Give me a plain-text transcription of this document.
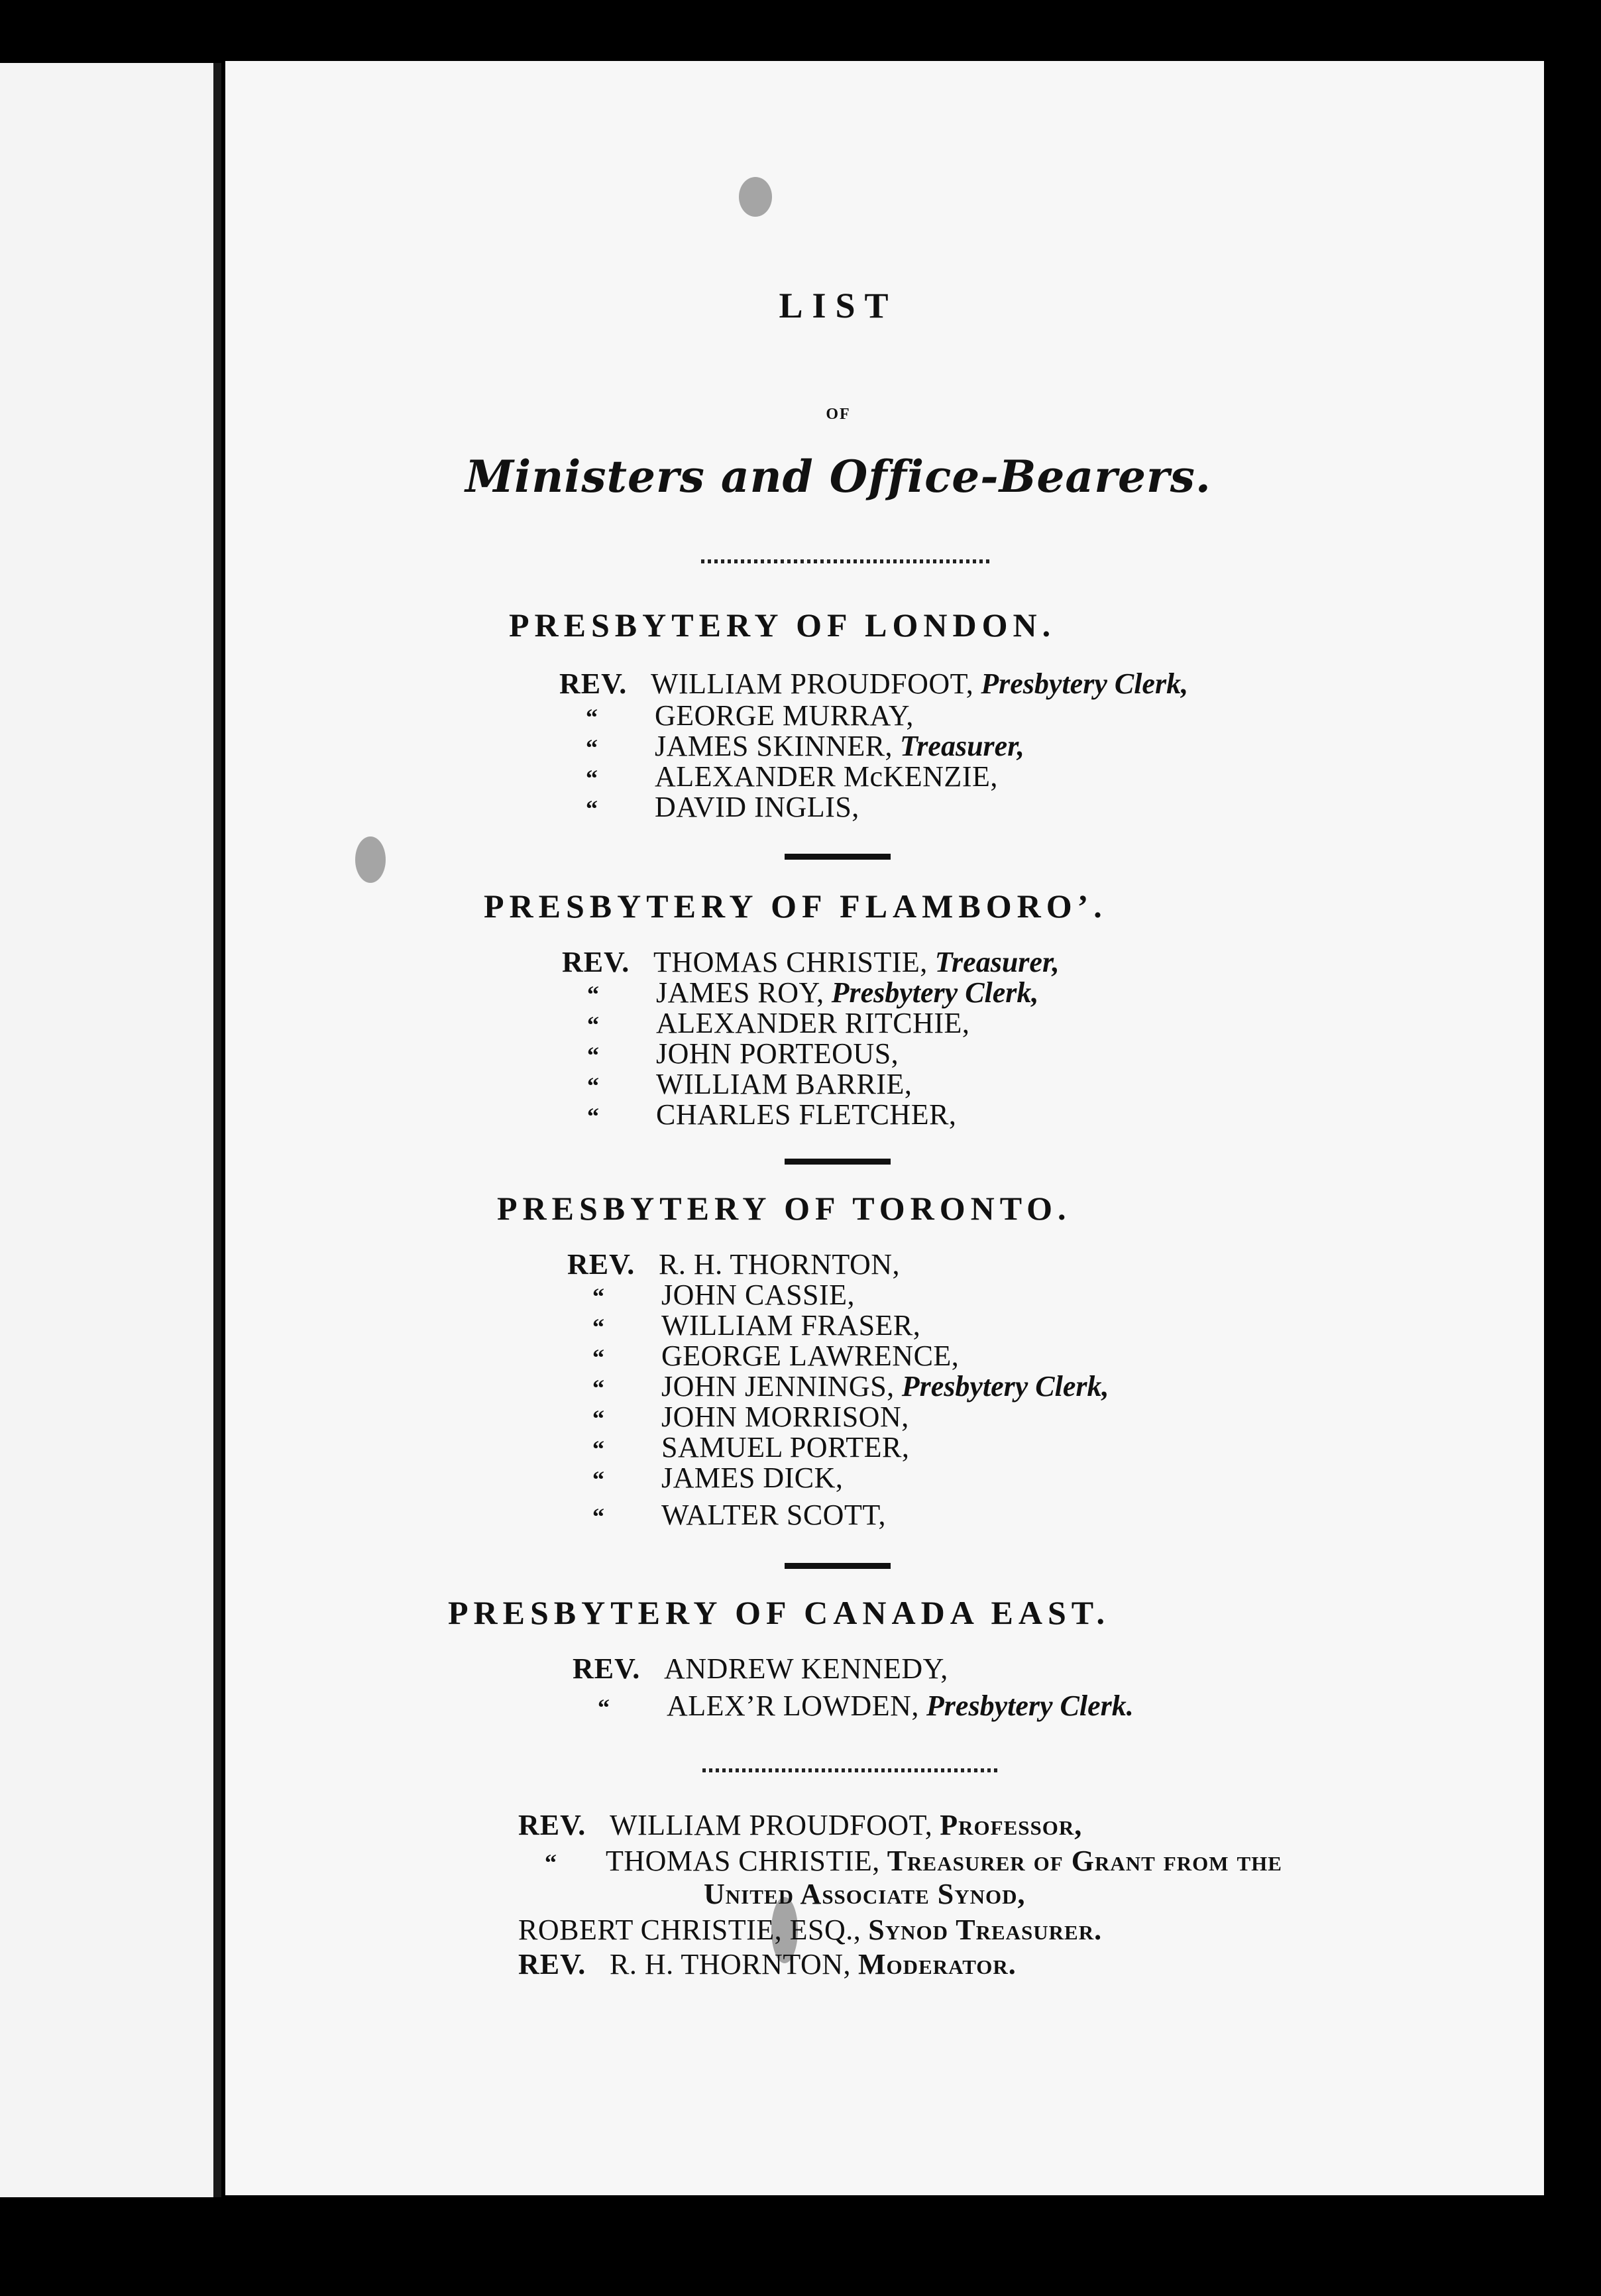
LIST
OF
Ministers and Office-Bearers.
PRESBYTERY OF LONDON.
REV. WILLIAM PROUDFOOT, Presbytery Clerk,
“ GEORGE MURRAY,
“ JAMES SKINNER, Treasurer,
“ ALEXANDER McKENZIE,
“ DAVID INGLIS,
PRESBYTERY OF FLAMBORO’.
REV. THOMAS CHRISTIE, Treasurer,
“ JAMES ROY, Presbytery Clerk,
“ ALEXANDER RITCHIE,
“ JOHN PORTEOUS,
“ WILLIAM BARRIE,
“ CHARLES FLETCHER,
PRESBYTERY OF TORONTO.
REV. R. H. THORNTON,
“ JOHN CASSIE,
“ WILLIAM FRASER,
“ GEORGE LAWRENCE,
“ JOHN JENNINGS, Presbytery Clerk,
“ JOHN MORRISON,
“ SAMUEL PORTER,
“ JAMES DICK,
“ WALTER SCOTT,
PRESBYTERY OF CANADA EAST.
REV. ANDREW KENNEDY,
“ ALEX’R LOWDEN, Presbytery Clerk.
REV. WILLIAM PROUDFOOT, Professor,
“ THOMAS CHRISTIE, Treasurer of Grant from the
United Associate Synod,
ROBERT CHRISTIE, ESQ., Synod Treasurer.
REV. R. H. THORNTON, Moderator.
